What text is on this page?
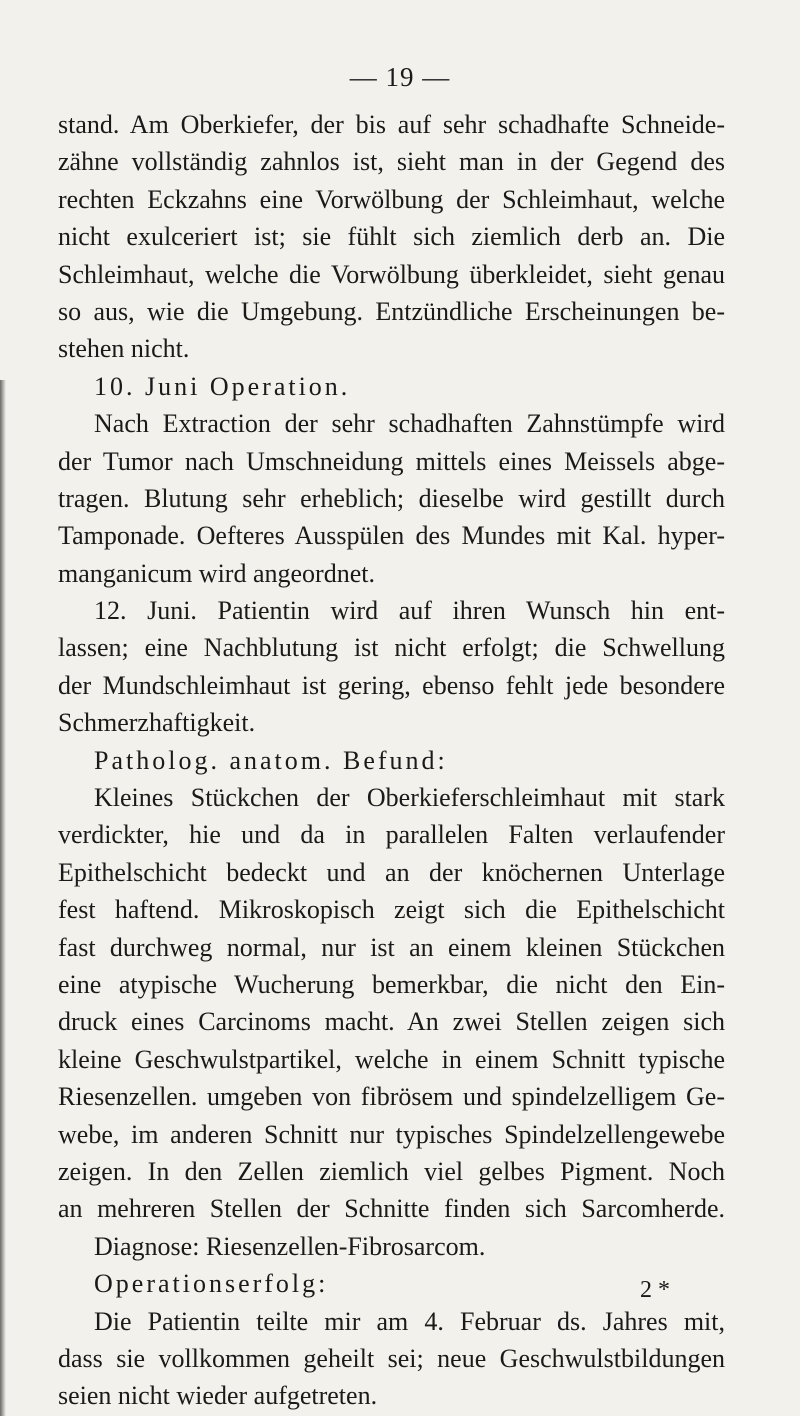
— 19 —
stand. Am Oberkiefer, der bis auf sehr schadhafte Schneide-
zähne vollständig zahnlos ist, sieht man in der Gegend des
rechten Eckzahns eine Vorwölbung der Schleimhaut, welche
nicht exulceriert ist; sie fühlt sich ziemlich derb an. Die
Schleimhaut, welche die Vorwölbung überkleidet, sieht genau
so aus, wie die Umgebung. Entzündliche Erscheinungen be-
stehen nicht.
10. Juni Operation.
Nach Extraction der sehr schadhaften Zahnstümpfe wird
der Tumor nach Umschneidung mittels eines Meissels abge-
tragen. Blutung sehr erheblich; dieselbe wird gestillt durch
Tamponade. Oefteres Ausspülen des Mundes mit Kal. hyper-
manganicum wird angeordnet.
12. Juni. Patientin wird auf ihren Wunsch hin ent-
lassen; eine Nachblutung ist nicht erfolgt; die Schwellung
der Mundschleimhaut ist gering, ebenso fehlt jede besondere
Schmerzhaftigkeit.
Patholog. anatom. Befund:
Kleines Stückchen der Oberkieferschleimhaut mit stark
verdickter, hie und da in parallelen Falten verlaufender
Epithelschicht bedeckt und an der knöchernen Unterlage
fest haftend. Mikroskopisch zeigt sich die Epithelschicht
fast durchweg normal, nur ist an einem kleinen Stückchen
eine atypische Wucherung bemerkbar, die nicht den Ein-
druck eines Carcinoms macht. An zwei Stellen zeigen sich
kleine Geschwulstpartikel, welche in einem Schnitt typische
Riesenzellen. umgeben von fibrösem und spindelzelligem Ge-
webe, im anderen Schnitt nur typisches Spindelzellengewebe
zeigen. In den Zellen ziemlich viel gelbes Pigment. Noch
an mehreren Stellen der Schnitte finden sich Sarcomherde.
Diagnose: Riesenzellen-Fibrosarcom.
Operationserfolg:
Die Patientin teilte mir am 4. Februar ds. Jahres mit,
dass sie vollkommen geheilt sei; neue Geschwulstbildungen
seien nicht wieder aufgetreten.
2 *
